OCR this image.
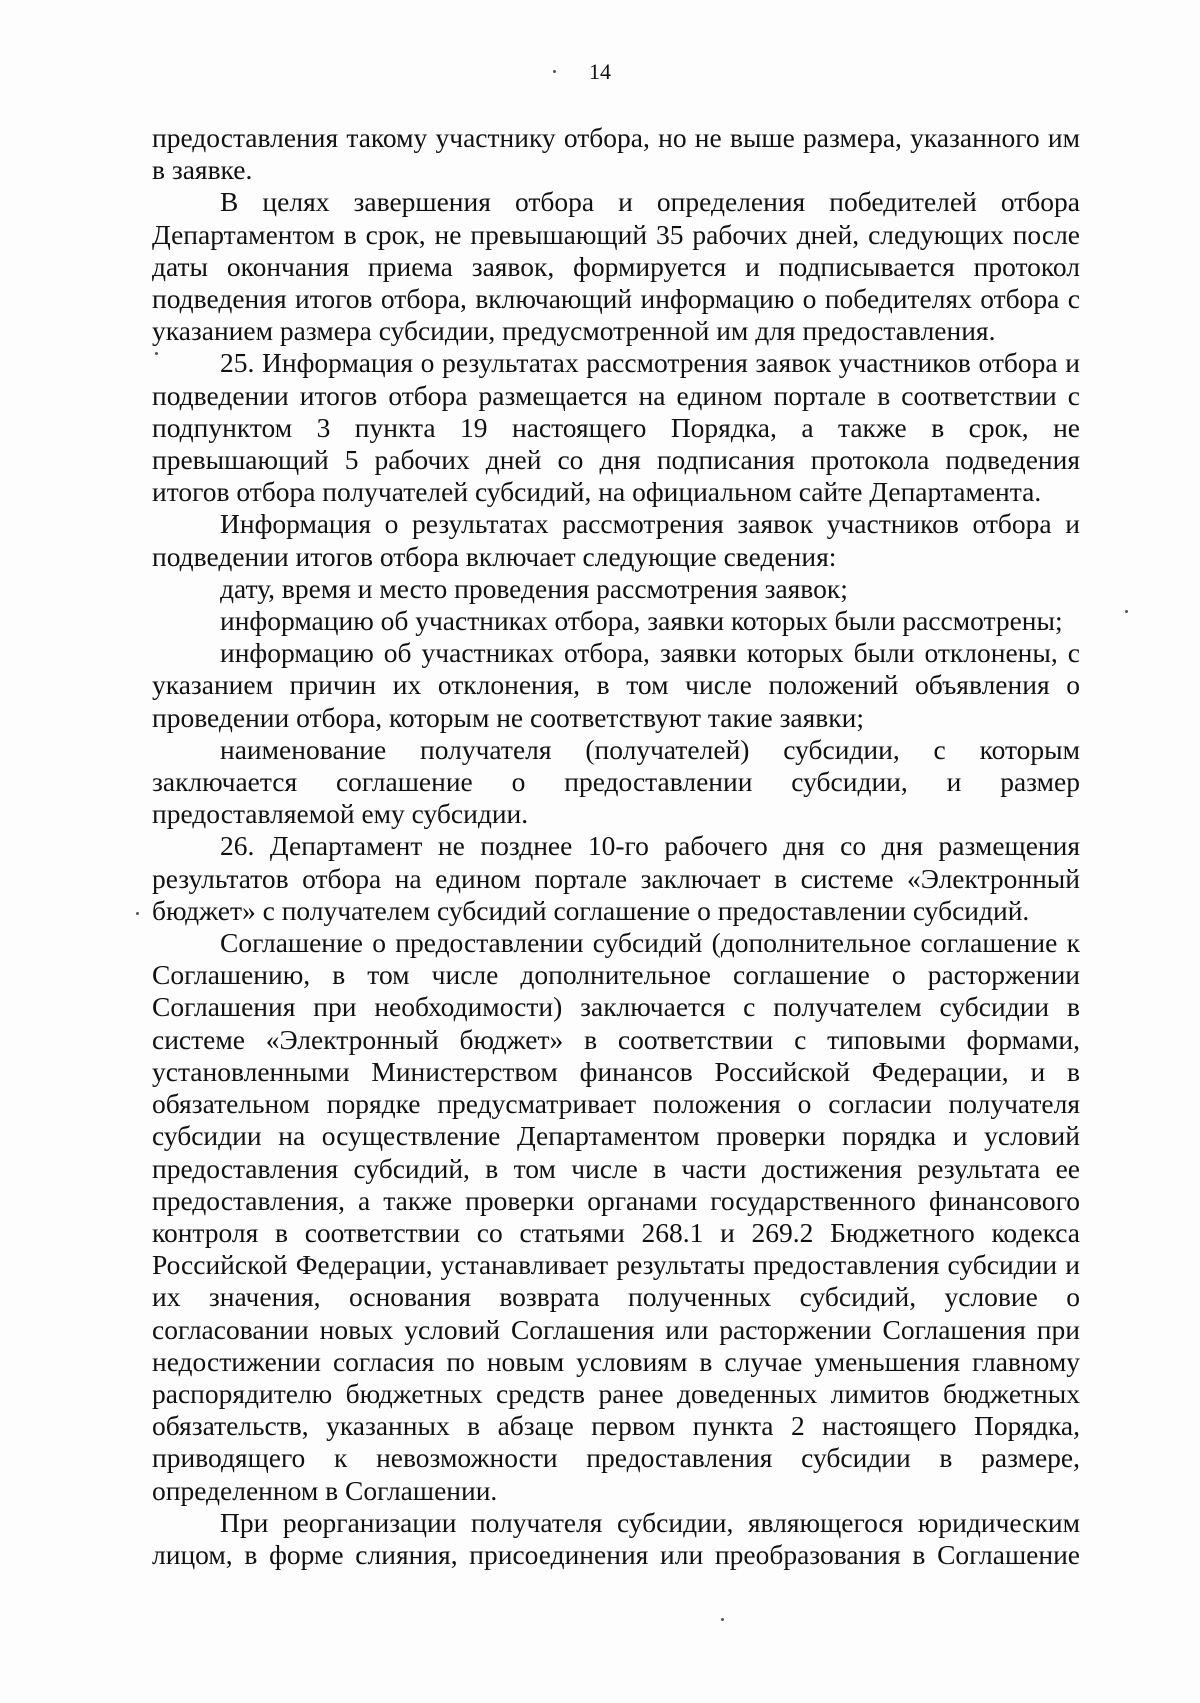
14

предоставления такому участнику отбора, но не выше размера, указанного им в заявке.

В целях завершения отбора и определения победителей отбора Департаментом в срок, не превышающий 35 рабочих дней, следующих после даты окончания приема заявок, формируется и подписывается протокол подведения итогов отбора, включающий информацию о победителях отбора с указанием размера субсидии, предусмотренной им для предоставления.

25. Информация о результатах рассмотрения заявок участников отбора и подведении итогов отбора размещается на едином портале в соответствии с подпунктом 3 пункта 19 настоящего Порядка, а также в срок, не превышающий 5 рабочих дней со дня подписания протокола подведения итогов отбора получателей субсидий, на официальном сайте Департамента.

Информация о результатах рассмотрения заявок участников отбора и подведении итогов отбора включает следующие сведения:

дату, время и место проведения рассмотрения заявок;

информацию об участниках отбора, заявки которых были рассмотрены;

информацию об участниках отбора, заявки которых были отклонены, с указанием причин их отклонения, в том числе положений объявления о проведении отбора, которым не соответствуют такие заявки;

наименование получателя (получателей) субсидии, с которым заключается соглашение о предоставлении субсидии, и размер предоставляемой ему субсидии.

26. Департамент не позднее 10-го рабочего дня со дня размещения результатов отбора на едином портале заключает в системе «Электронный бюджет» с получателем субсидий соглашение о предоставлении субсидий.

Соглашение о предоставлении субсидий (дополнительное соглашение к Соглашению, в том числе дополнительное соглашение о расторжении Соглашения при необходимости) заключается с получателем субсидии в системе «Электронный бюджет» в соответствии с типовыми формами, установленными Министерством финансов Российской Федерации, и в обязательном порядке предусматривает положения о согласии получателя субсидии на осуществление Департаментом проверки порядка и условий предоставления субсидий, в том числе в части достижения результата ее предоставления, а также проверки органами государственного финансового контроля в соответствии со статьями 268.1 и 269.2 Бюджетного кодекса Российской Федерации, устанавливает результаты предоставления субсидии и их значения, основания возврата полученных субсидий, условие о согласовании новых условий Соглашения или расторжении Соглашения при недостижении согласия по новым условиям в случае уменьшения главному распорядителю бюджетных средств ранее доведенных лимитов бюджетных обязательств, указанных в абзаце первом пункта 2 настоящего Порядка, приводящего к невозможности предоставления субсидии в размере, определенном в Соглашении.

При реорганизации получателя субсидии, являющегося юридическим лицом, в форме слияния, присоединения или преобразования в Соглашение
